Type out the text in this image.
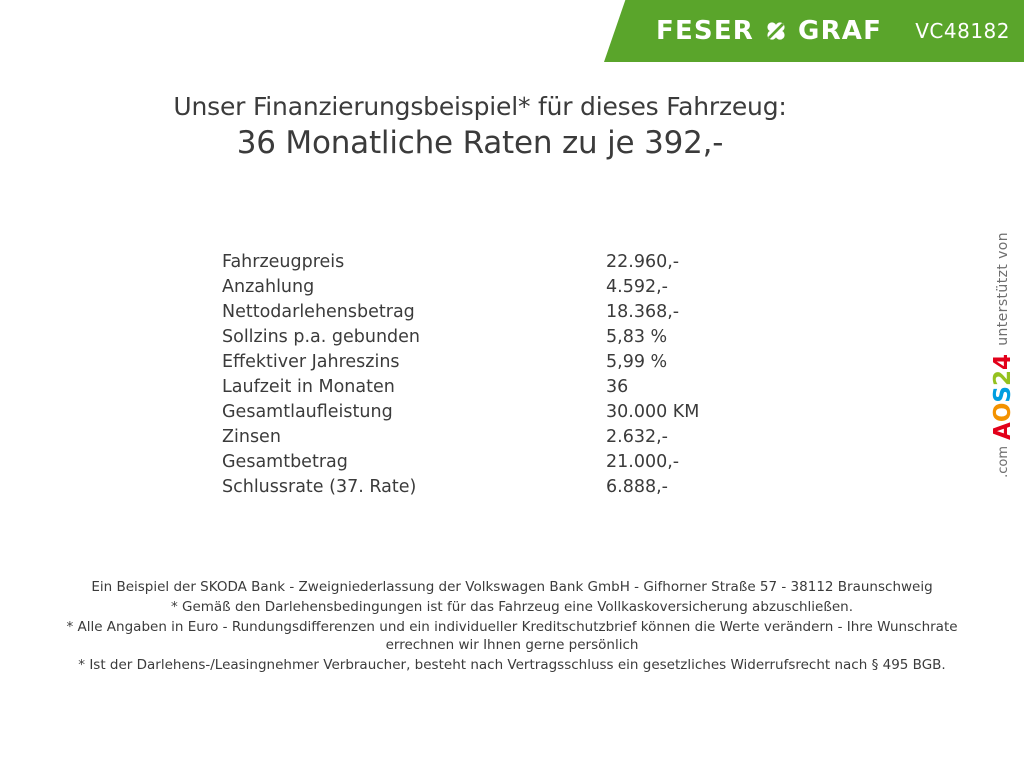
FESER GRAF VC48182

Unser Finanzierungsbeispiel* für dieses Fahrzeug:

36 Monatliche Raten zu je 392,-

Fahrzeugpreis	22.960,-
Anzahlung	4.592,-
Nettodarlehensbetrag	18.368,-
Sollzins p.a. gebunden	5,83 %
Effektiver Jahreszins	5,99 %
Laufzeit in Monaten	36
Gesamtlaufleistung	30.000 KM
Zinsen	2.632,-
Gesamtbetrag	21.000,-
Schlussrate (37. Rate)	6.888,-
unterstützt von
AOS24
.com

Ein Beispiel der SKODA Bank - Zweigniederlassung der Volkswagen Bank GmbH - Gifhorner Straße 57 - 38112 Braunschweig

* Gemäß den Darlehensbedingungen ist für das Fahrzeug eine Vollkaskoversicherung abzuschließen.

* Alle Angaben in Euro - Rundungsdifferenzen und ein individueller Kreditschutzbrief können die Werte verändern - Ihre Wunschrate errechnen wir Ihnen gerne persönlich

* Ist der Darlehens-/Leasingnehmer Verbraucher, besteht nach Vertragsschluss ein gesetzliches Widerrufsrecht nach § 495 BGB.
